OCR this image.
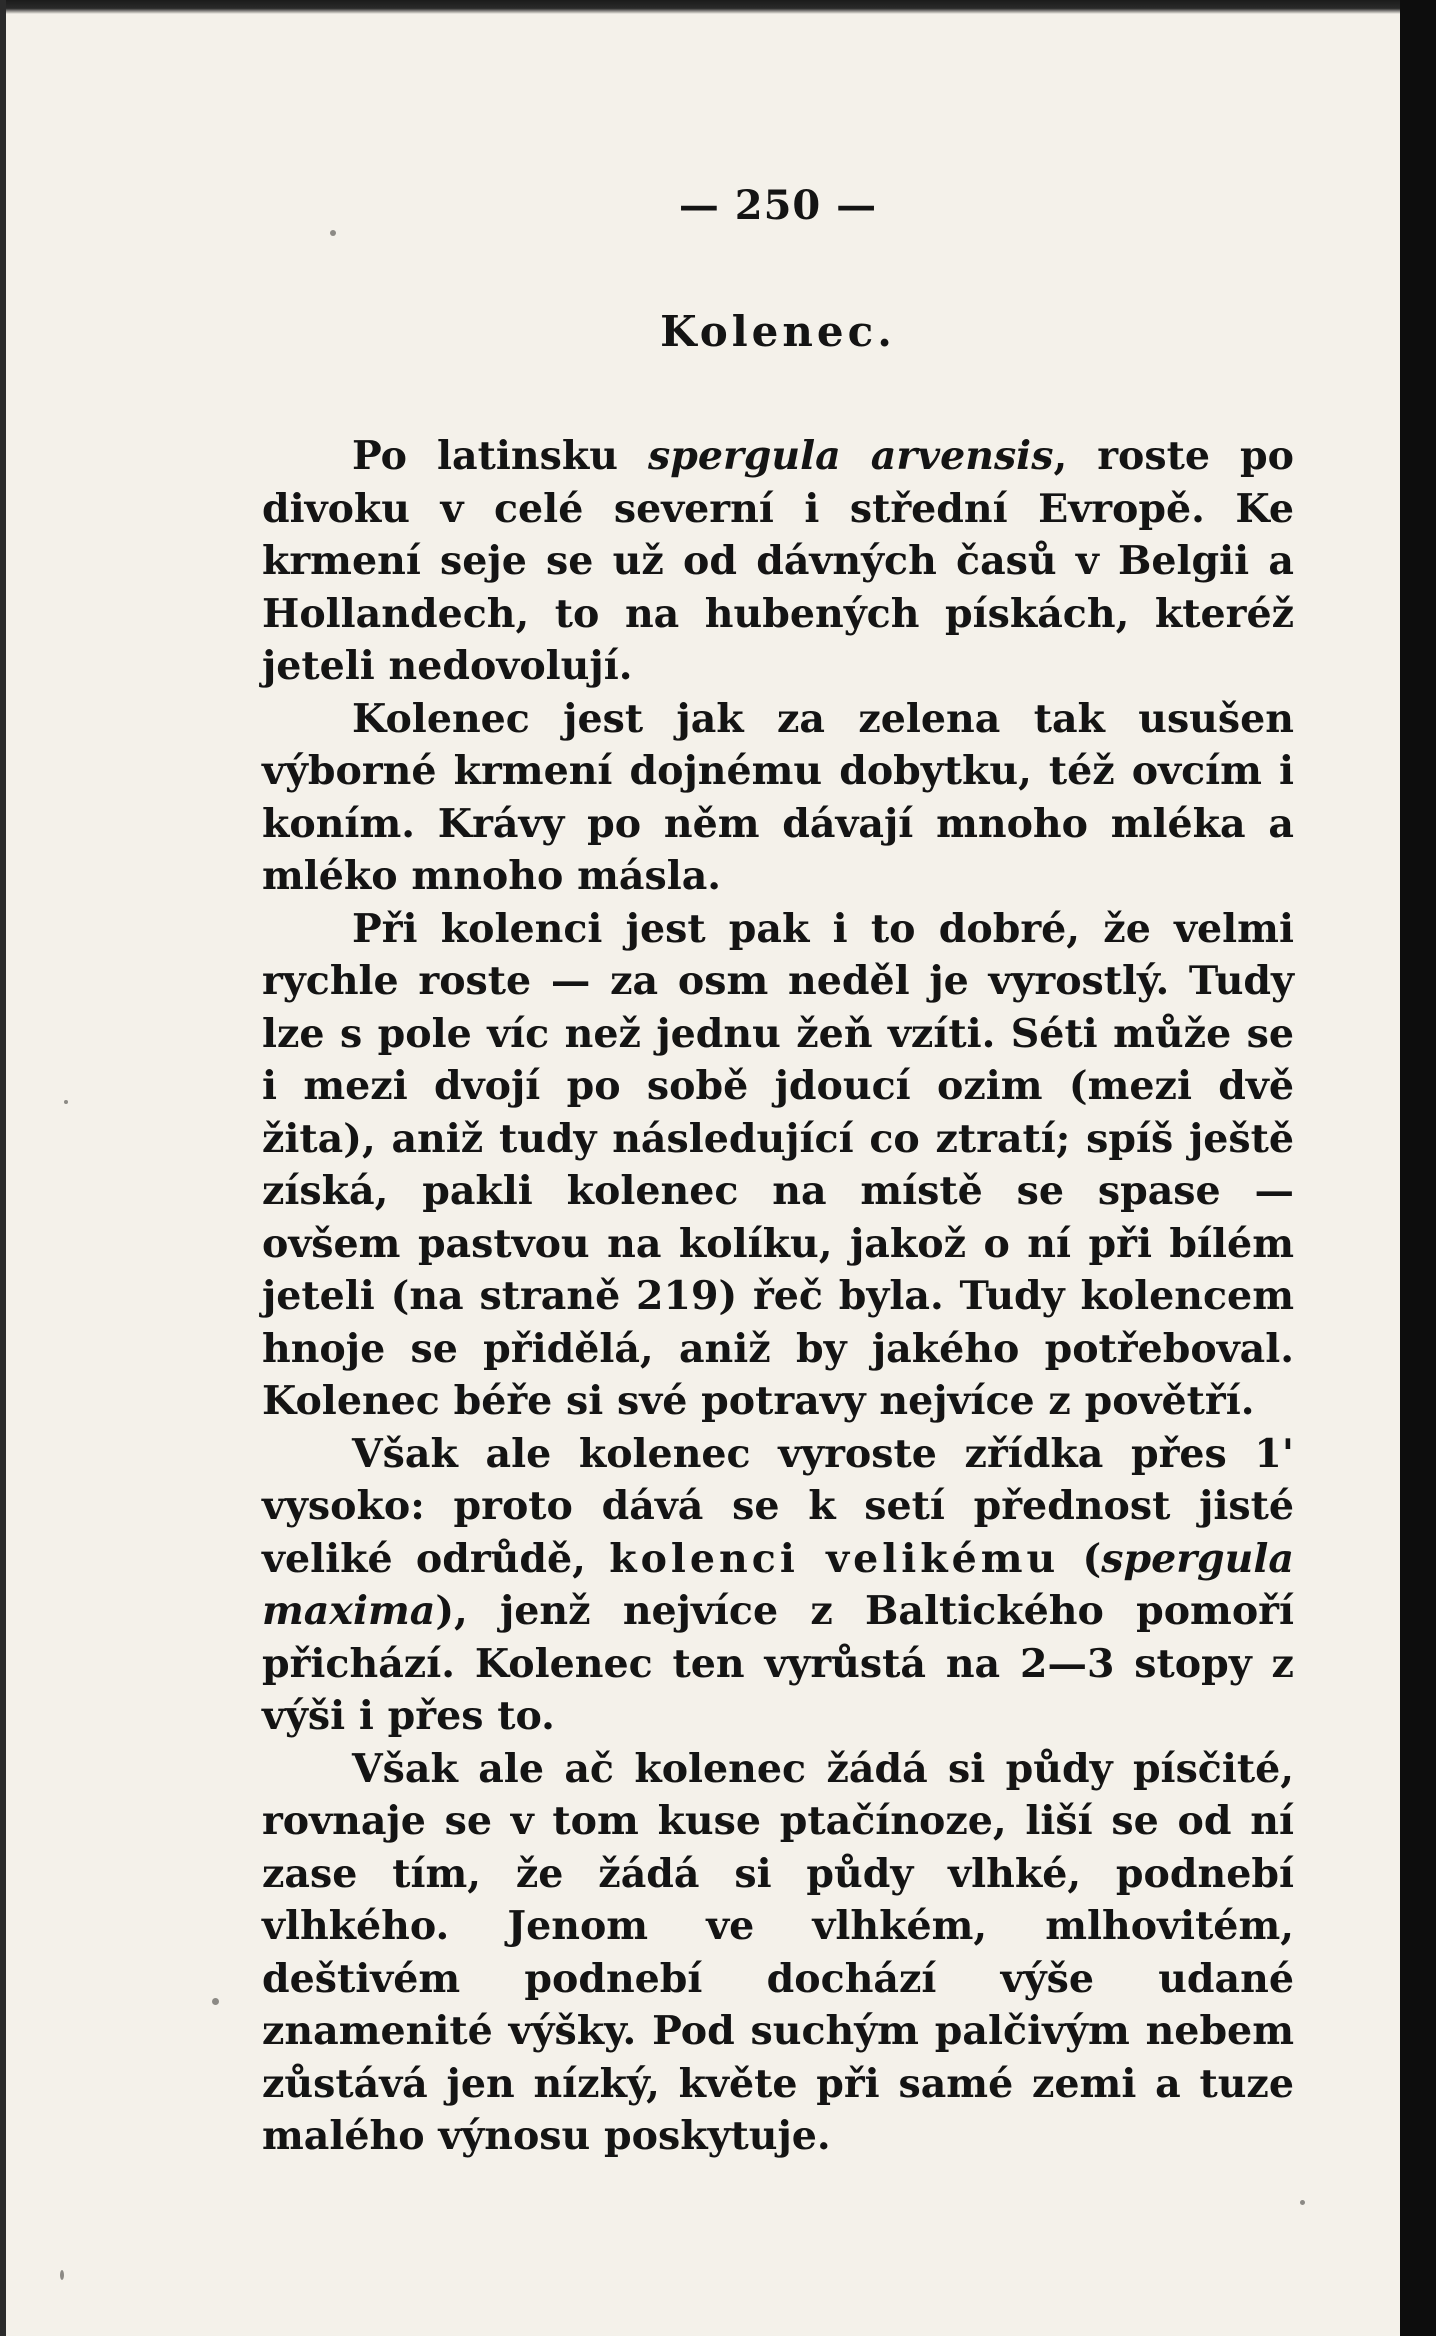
— 250 —
Kolenec.

Po latinsku spergula arvensis, roste po divoku v celé severní i střední Evropě. Ke krmení seje se už od dávných časů v Belgii a Hollandech, to na hubených pískách, kteréž jeteli nedovolují.

Kolenec jest jak za zelena tak usušen výborné krmení dojnému dobytku, též ovcím i koním. Krávy po něm dávají mnoho mléka a mléko mnoho másla.

Při kolenci jest pak i to dobré, že velmi rychle roste — za osm neděl je vyrostlý. Tudy lze s pole víc než jednu žeň vzíti. Séti může se i mezi dvojí po sobě jdoucí ozim (mezi dvě žita), aniž tudy následující co ztratí; spíš ještě získá, pakli kolenec na místě se spase — ovšem pastvou na kolíku, jakož o ní při bílém jeteli (na straně 219) řeč byla. Tudy kolencem hnoje se přidělá, aniž by jakého potřeboval. Kolenec béře si své potravy nejvíce z povětří.

Však ale kolenec vyroste zřídka přes 1' vysoko: proto dává se k setí přednost jisté veliké odrůdě, kolenci velikému (spergula maxima), jenž nejvíce z Baltického pomoří přichází. Kolenec ten vyrůstá na 2—3 stopy z výši i přes to.

Však ale ač kolenec žádá si půdy písčité, rovnaje se v tom kuse ptačínoze, liší se od ní zase tím, že žádá si půdy vlhké, podnebí vlhkého. Jenom ve vlhkém, mlhovitém, deštivém podnebí dochází výše udané znamenité výšky. Pod suchým palčivým nebem zůstává jen nízký, květe při samé zemi a tuze malého výnosu poskytuje.
